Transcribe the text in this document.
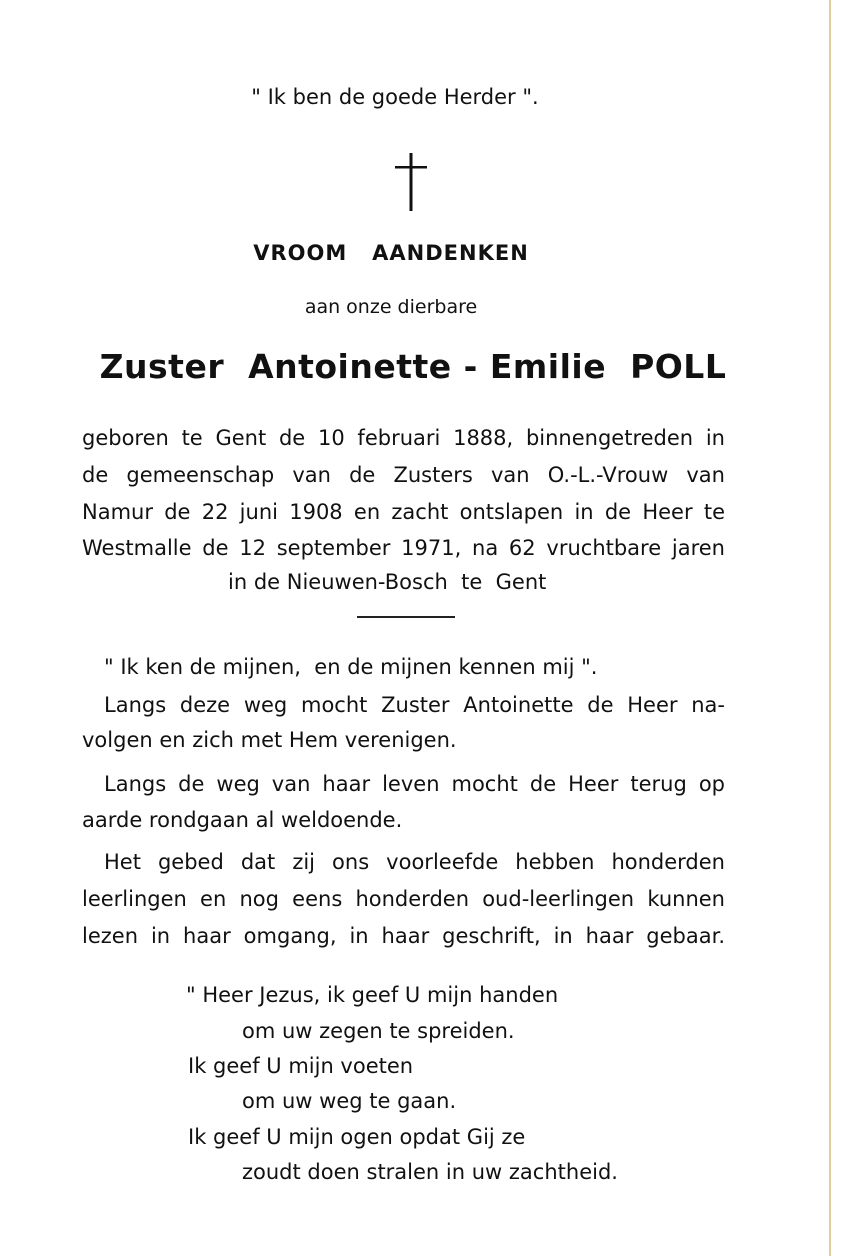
" Ik ben de goede Herder ".
VROOM   AANDENKEN
aan onze dierbare
Zuster  Antoinette - Emilie  POLL
geboren te Gent de 10 februari 1888, binnengetreden in
de gemeenschap van de Zusters van O.-L.-Vrouw van
Namur de 22 juni 1908 en zacht ontslapen in de Heer te
Westmalle de 12 september 1971, na 62 vruchtbare jaren
in de Nieuwen-Bosch  te  Gent
" Ik ken de mijnen,  en de mijnen kennen mij ".
Langs deze weg mocht Zuster Antoinette de Heer na-
volgen en zich met Hem verenigen.
Langs de weg van haar leven mocht de Heer terug op
aarde rondgaan al weldoende.
Het gebed dat zij ons voorleefde hebben honderden
leerlingen en nog eens honderden oud-leerlingen kunnen
lezen in haar omgang, in haar geschrift, in haar gebaar.
" Heer Jezus, ik geef U mijn handen
om uw zegen te spreiden.
Ik geef U mijn voeten
om uw weg te gaan.
Ik geef U mijn ogen opdat Gij ze
zoudt doen stralen in uw zachtheid.
